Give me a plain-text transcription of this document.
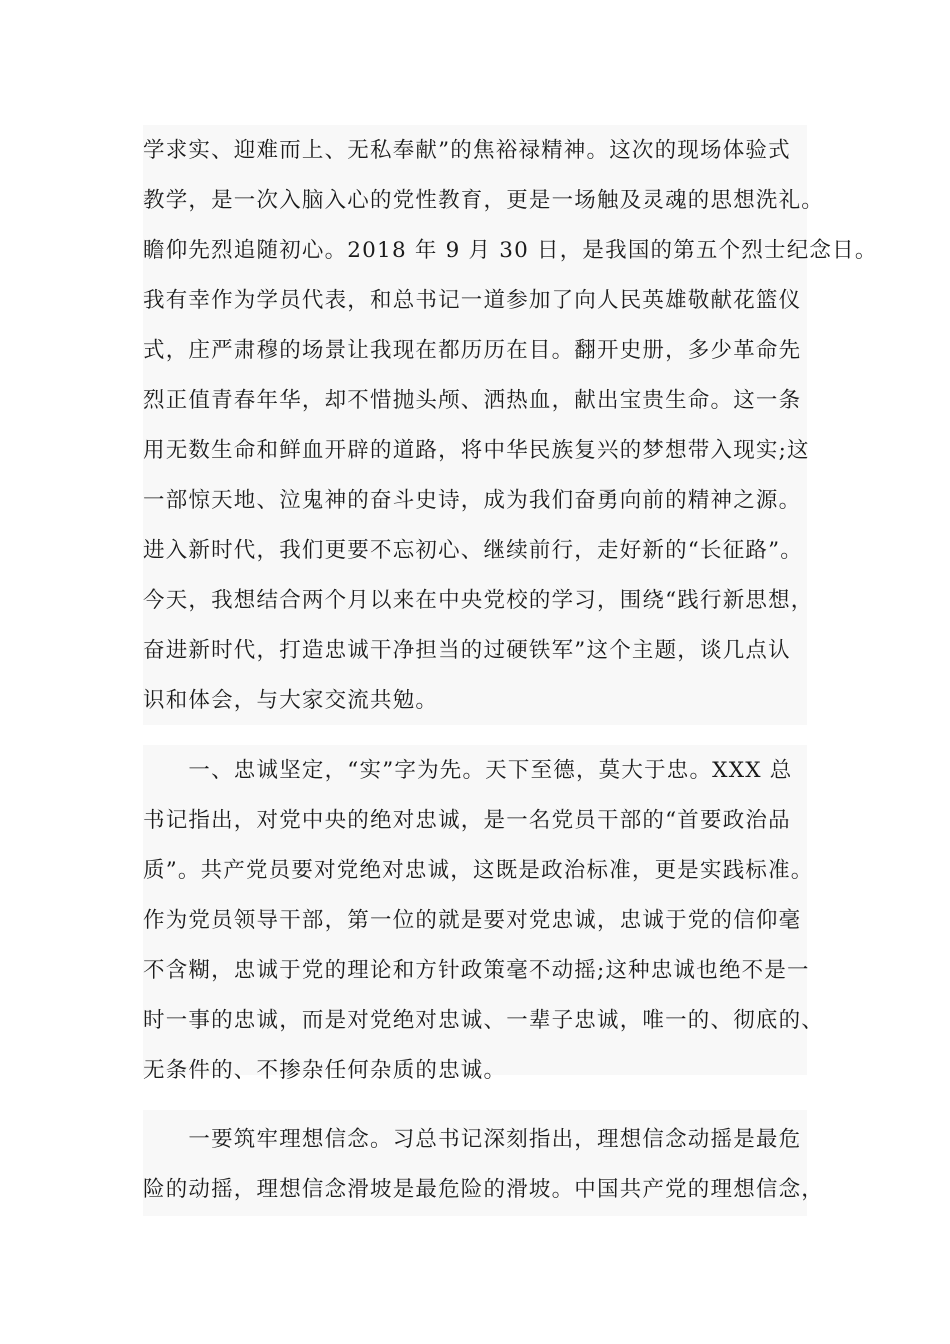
学求实、迎难而上、无私奉献”的焦裕禄精神。这次的现场体验式
教学，是一次入脑入心的党性教育，更是一场触及灵魂的思想洗礼。
瞻仰先烈追随初心。2018 年 9 月 30 日，是我国的第五个烈士纪念日。
我有幸作为学员代表，和总书记一道参加了向人民英雄敬献花篮仪
式，庄严肃穆的场景让我现在都历历在目。翻开史册，多少革命先
烈正值青春年华，却不惜抛头颅、洒热血，献出宝贵生命。这一条
用无数生命和鲜血开辟的道路，将中华民族复兴的梦想带入现实;这
一部惊天地、泣鬼神的奋斗史诗，成为我们奋勇向前的精神之源。
进入新时代，我们更要不忘初心、继续前行，走好新的“长征路”。
今天，我想结合两个月以来在中央党校的学习，围绕“践行新思想，
奋进新时代，打造忠诚干净担当的过硬铁军”这个主题，谈几点认
识和体会，与大家交流共勉。
　　一、忠诚坚定，“实”字为先。天下至德，莫大于忠。XXX 总
书记指出，对党中央的绝对忠诚，是一名党员干部的“首要政治品
质”。共产党员要对党绝对忠诚，这既是政治标准，更是实践标准。
作为党员领导干部，第一位的就是要对党忠诚，忠诚于党的信仰毫
不含糊，忠诚于党的理论和方针政策毫不动摇;这种忠诚也绝不是一
时一事的忠诚，而是对党绝对忠诚、一辈子忠诚，唯一的、彻底的、
无条件的、不掺杂任何杂质的忠诚。
　　一要筑牢理想信念。习总书记深刻指出，理想信念动摇是最危
险的动摇，理想信念滑坡是最危险的滑坡。中国共产党的理想信念，
